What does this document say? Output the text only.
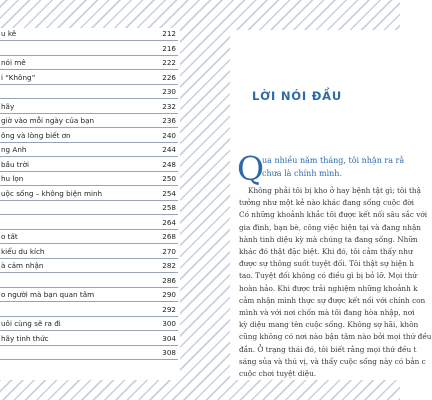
u kê	212
216
nói mê	222
i “Không”	226
230
hãy	232
giờ vào mỗi ngày của bạn	236
ông và lòng biết ơn	240
ng Anh	244
bầu trời	248
hu lọn	250
uộc sống – không biện minh	254
258
264
o tất	268
kiểu du kích	270
à cảm nhận	282
286
o người mà bạn quan tâm	290
292
uôi cùng sẽ ra đi	300
hãy tinh thức	304
308
LỜI NÓI ĐẦU
Q
ua nhiều năm tháng, tôi nhận ra rằ
chưa là chính mình.
Không phải tôi bị kho ở hay bệnh tật gì; tôi thậ
tưởng như một kẻ nào khác đang sống cuộc đời
Có những khoảnh khắc tôi được kết nối sâu sắc với
gia đình, bạn bè, công việc hiện tại và đang nhận
hành tinh diệu kỳ mà chúng ta đang sống. Nhữn
khác đó thật đặc biệt. Khi đó, tôi cảm thấy như
được sự thông suốt tuyệt đối. Tôi thật sự hiện h
tao. Tuyệt đối không có điều gì bị bỏ lỡ. Mọi thứ
hoàn hảo. Khi được trải nghiệm những khoảnh k
cảm nhận mình thực sự được kết nối với chính con
mình và với nơi chốn mà tôi đang hòa nhập, nơi
kỳ diệu mang tên cuộc sống. Không sợ hãi, khôn
cũng không có nơi nào bận tâm nào bởi mọi thứ đều
đắn. Ở trạng thái đó, tôi biết rằng mọi thứ đều t
sáng sủa và thú vị, và thấy cuộc sống này có bản c
cuộc chơi tuyệt diệu.
